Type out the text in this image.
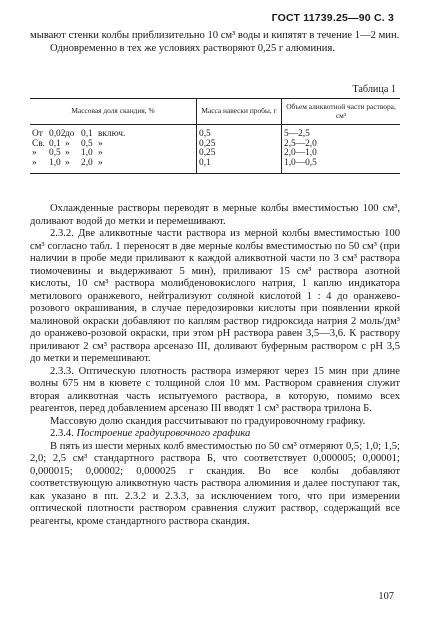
ГОСТ 11739.25—90 С. 3

мывают стенки колбы приблизительно 10 см³ воды и кипятят в течение 1—2 мин.

Одновременно в тех же условиях растворяют 0,25 г алюминия.

Таблица 1
Массовая доля скандия, %	Масса навески пробы, г	Объем аликвотной части раствора, см³

От 0,02 до 0,1 включ.	0,5	5—2,5

Св. 0,1 » 0,5 »	0,25	2,5—2,0

» 0,5 » 1,0 »	0,25	2,0—1,0

» 1,0 » 2,0 »	0,1	1,0—0,5

Охлажденные растворы переводят в мерные колбы вместимостью 100 см³, доливают водой до метки и перемешивают.

2.3.2. Две аликвотные части раствора из мерной колбы вместимостью 100 см³ согласно табл. 1 переносят в две мерные колбы вместимостью по 50 см³ (при наличии в пробе меди приливают к каждой аликвотной части по 3 см³ раствора тиомочевины и выдерживают 5 мин), приливают 15 см³ раствора азотной кислоты, 10 см³ раствора молибденовокислого натрия, 1 каплю индикатора метилового оранжевого, нейтрализуют соляной кислотой 1 : 4 до оранжево-розового окрашивания, в случае передозировки кислоты при появлении яркой малиновой окраски добавляют по каплям раствор гидроксида натрия 2 моль/дм³ до оранжево-розовой окраски, при этом рН раствора равен 3,5—3,6. К раствору приливают 2 см³ раствора арсеназо III, доливают буферным раствором с рН 3,5 до метки и перемешивают.

2.3.3. Оптическую плотность раствора измеряют через 15 мин при длине волны 675 нм в кювете с толщиной слоя 10 мм. Раствором сравнения служит вторая аликвотная часть испытуемого раствора, в которую, помимо всех реагентов, перед добавлением арсеназо III вводят 1 см³ раствора трилона Б.

Массовую долю скандия рассчитывают по градуировочному графику.

2.3.4. Построение градуировочного графика

В пять из шести мерных колб вместимостью по 50 см³ отмеряют 0,5; 1,0; 1,5; 2,0; 2,5 см³ стандартного раствора Б, что соответствует 0,000005; 0,00001; 0,000015; 0,00002; 0,000025 г скандия. Во все колбы добавляют соответствующую аликвотную часть раствора алюминия и далее поступают так, как указано в пп. 2.3.2 и 2.3.3, за исключением того, что при измерении оптической плотности раствором сравнения служит раствор, содержащий все реагенты, кроме стандартного раствора скандия.

107
